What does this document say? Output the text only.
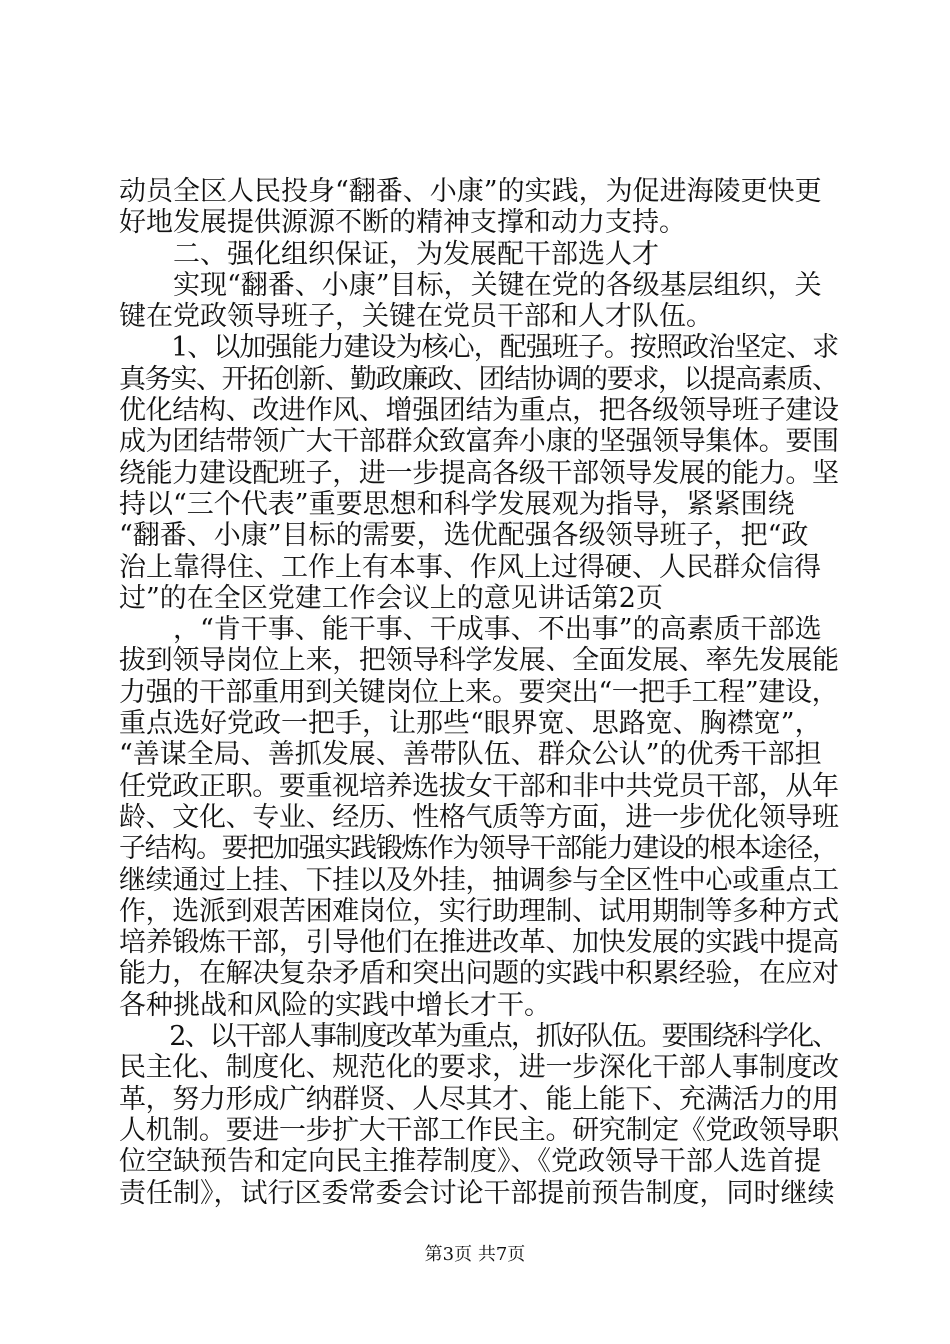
动员全区人民投身“翻番、小康”的实践，为促进海陵更快更
好地发展提供源源不断的精神支撑和动力支持。
　　二、强化组织保证，为发展配干部选人才
　　实现“翻番、小康”目标，关键在党的各级基层组织，关
键在党政领导班子，关键在党员干部和人才队伍。
　　1、以加强能力建设为核心，配强班子。按照政治坚定、求
真务实、开拓创新、勤政廉政、团结协调的要求，以提高素质、
优化结构、改进作风、增强团结为重点，把各级领导班子建设
成为团结带领广大干部群众致富奔小康的坚强领导集体。要围
绕能力建设配班子，进一步提高各级干部领导发展的能力。坚
持以“三个代表”重要思想和科学发展观为指导，紧紧围绕
“翻番、小康”目标的需要，选优配强各级领导班子，把“政
治上靠得住、工作上有本事、作风上过得硬、人民群众信得
过”的在全区党建工作会议上的意见讲话第2页
　　，“肯干事、能干事、干成事、不出事”的高素质干部选
拔到领导岗位上来，把领导科学发展、全面发展、率先发展能
力强的干部重用到关键岗位上来。要突出“一把手工程”建设，
重点选好党政一把手，让那些“眼界宽、思路宽、胸襟宽”，
“善谋全局、善抓发展、善带队伍、群众公认”的优秀干部担
任党政正职。要重视培养选拔女干部和非中共党员干部，从年
龄、文化、专业、经历、性格气质等方面，进一步优化领导班
子结构。要把加强实践锻炼作为领导干部能力建设的根本途径，
继续通过上挂、下挂以及外挂，抽调参与全区性中心或重点工
作，选派到艰苦困难岗位，实行助理制、试用期制等多种方式
培养锻炼干部，引导他们在推进改革、加快发展的实践中提高
能力，在解决复杂矛盾和突出问题的实践中积累经验，在应对
各种挑战和风险的实践中增长才干。
　　2、以干部人事制度改革为重点，抓好队伍。要围绕科学化、
民主化、制度化、规范化的要求，进一步深化干部人事制度改
革，努力形成广纳群贤、人尽其才、能上能下、充满活力的用
人机制。要进一步扩大干部工作民主。研究制定《党政领导职
位空缺预告和定向民主推荐制度》、《党政领导干部人选首提
责任制》，试行区委常委会讨论干部提前预告制度，同时继续
第3页 共7页
